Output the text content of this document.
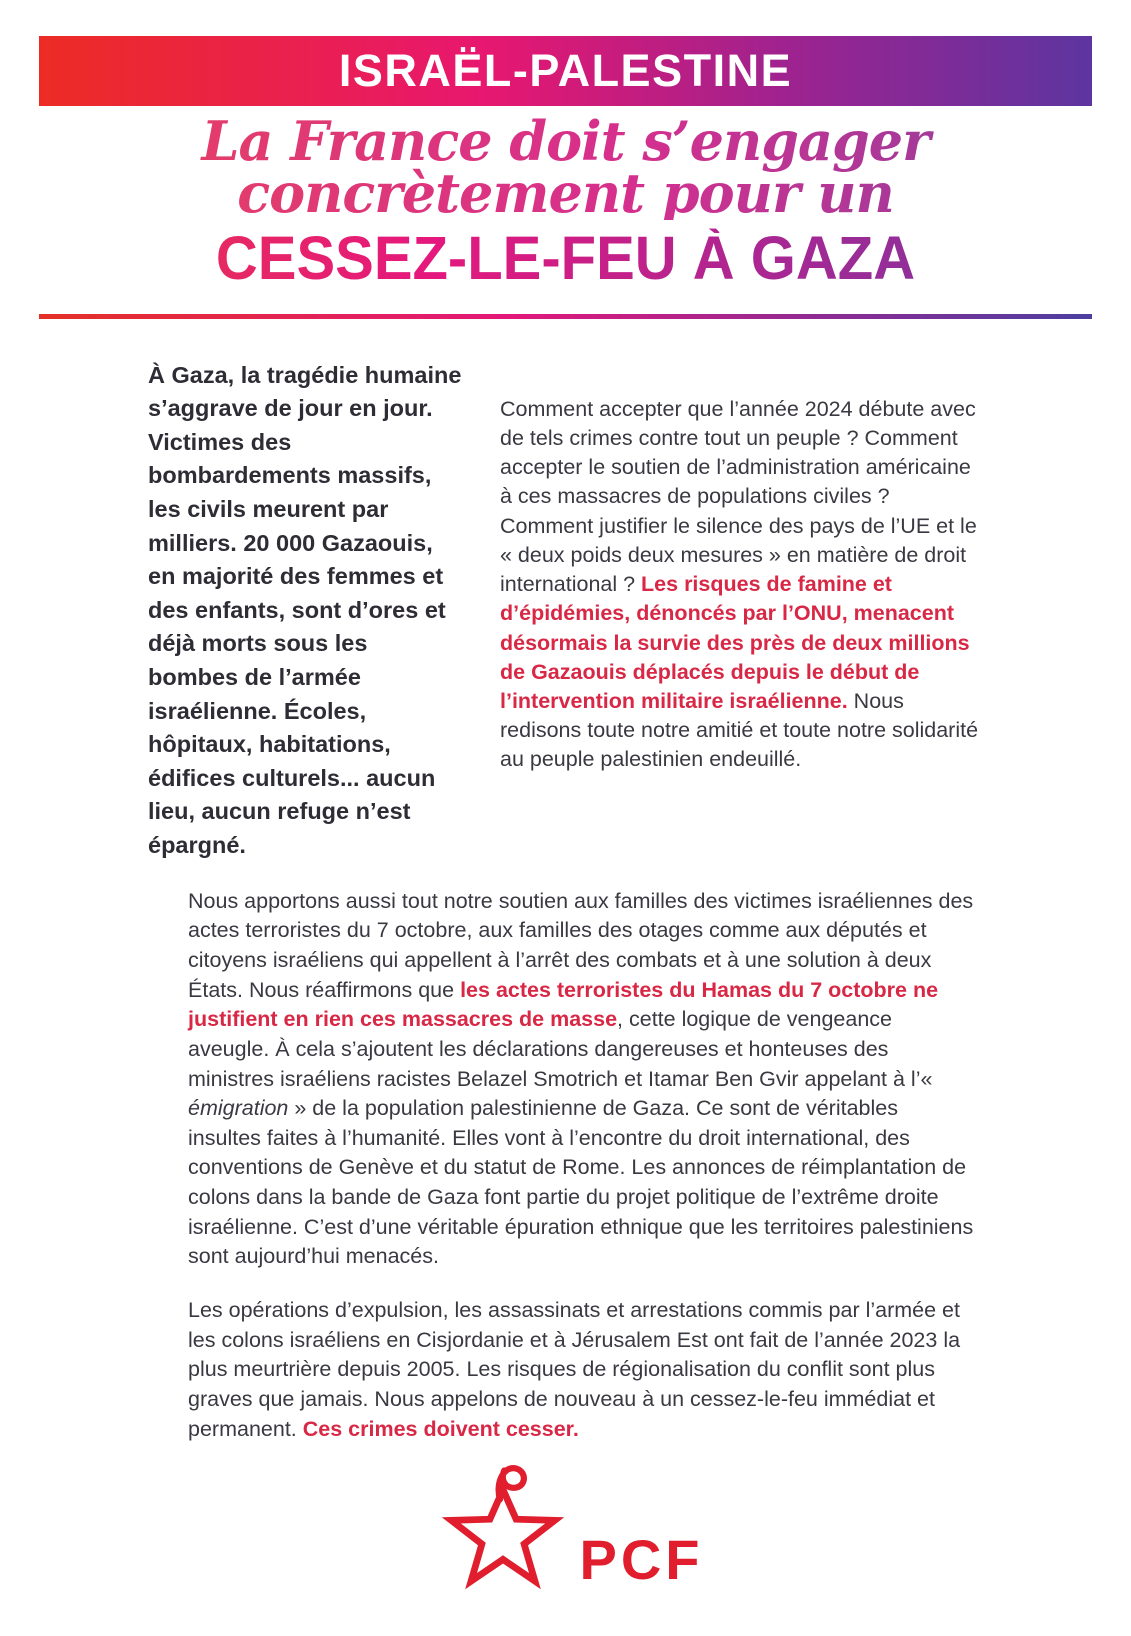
ISRAËL-PALESTINE
La France doit s’engager
concrètement pour un
CESSEZ-LE-FEU À GAZA
À Gaza, la tragédie humaine s’aggrave de jour en jour. Victimes des bombardements massifs, les civils meurent par milliers. 20 000 Gazaouis, en majorité des femmes et des enfants, sont d’ores et déjà morts sous les bombes de l’armée israélienne. Écoles, hôpitaux, habitations, édifices culturels... aucun lieu, aucun refuge n’est épargné.
Comment accepter que l’année 2024 débute avec de tels crimes contre tout un peuple ? Comment accepter le soutien de l’administration américaine à ces massacres de populations civiles ? Comment justifier le silence des pays de l’UE et le « deux poids deux mesures » en matière de droit international ? Les risques de famine et d’épidémies, dénoncés par l’ONU, menacent désormais la survie des près de deux millions de Gazaouis déplacés depuis le début de l’intervention militaire israélienne. Nous redisons toute notre amitié et toute notre solidarité au peuple palestinien endeuillé.
Nous apportons aussi tout notre soutien aux familles des victimes israéliennes des actes terroristes du 7 octobre, aux familles des otages comme aux députés et citoyens israéliens qui appellent à l’arrêt des combats et à une solution à deux États. Nous réaffirmons que les actes terroristes du Hamas du 7 octobre ne justifient en rien ces massacres de masse, cette logique de vengeance aveugle. À cela s’ajoutent les déclarations dangereuses et honteuses des ministres israéliens racistes Belazel Smotrich et Itamar Ben Gvir appelant à l’« émigration » de la population palestinienne de Gaza. Ce sont de véritables insultes faites à l’humanité. Elles vont à l’encontre du droit international, des conventions de Genève et du statut de Rome. Les annonces de réimplantation de colons dans la bande de Gaza font partie du projet politique de l’extrême droite israélienne. C’est d’une véritable épuration ethnique que les territoires palestiniens sont aujourd’hui menacés.
Les opérations d’expulsion, les assassinats et arrestations commis par l’armée et les colons israéliens en Cisjordanie et à Jérusalem Est ont fait de l’année 2023 la plus meurtrière depuis 2005. Les risques de régionalisation du conflit sont plus graves que jamais. Nous appelons de nouveau à un cessez-le-feu immédiat et permanent. Ces crimes doivent cesser.
PCF
